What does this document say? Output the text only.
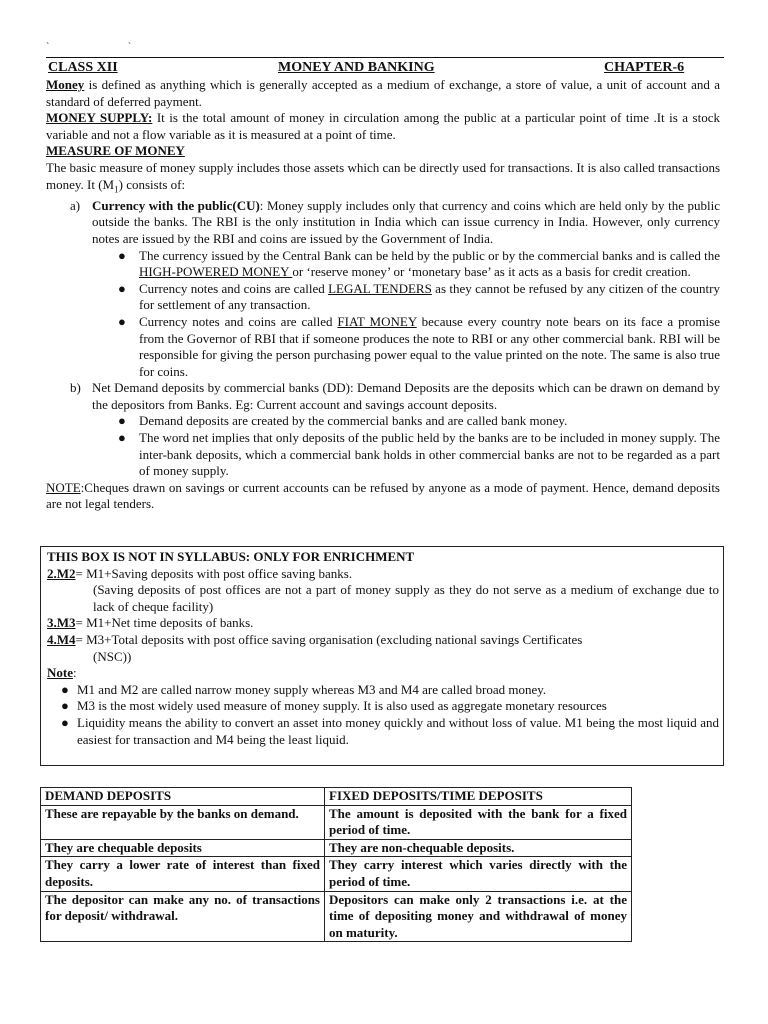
` `
CLASS XII	MONEY AND BANKING	CHAPTER-6

Money is defined as anything which is generally accepted as a medium of exchange, a store of value, a unit of account and a standard of deferred payment.

MONEY SUPPLY: It is the total amount of money in circulation among the public at a particular point of time .It is a stock variable and not a flow variable as it is measured at a point of time.

MEASURE OF MONEY

The basic measure of money supply includes those assets which can be directly used for transactions. It is also called transactions money. It $(M_1)$ consists of:

a) Currency with the public(CU): Money supply includes only that currency and coins which are held only by the public outside the banks. The RBI is the only institution in India which can issue currency in India. However, only currency notes are issued by the RBI and coins are issued by the Government of India.

● The currency issued by the Central Bank can be held by the public or by the commercial banks and is called the HIGH-POWERED MONEY or ‘reserve money’ or ‘monetary base’ as it acts as a basis for credit creation.
● Currency notes and coins are called LEGAL TENDERS as they cannot be refused by any citizen of the country for settlement of any transaction.
● Currency notes and coins are called FIAT MONEY because every country note bears on its face a promise from the Governor of RBI that if someone produces the note to RBI or any other commercial bank. RBI will be responsible for giving the person purchasing power equal to the value printed on the note. The same is also true for coins.

b) Net Demand deposits by commercial banks (DD): Demand Deposits are the deposits which can be drawn on demand by the depositors from Banks. Eg: Current account and savings account deposits.

● Demand deposits are created by the commercial banks and are called bank money.
● The word net implies that only deposits of the public held by the banks are to be included in money supply. The inter-bank deposits, which a commercial bank holds in other commercial banks are not to be regarded as a part of money supply.

NOTE:Cheques drawn on savings or current accounts can be refused by anyone as a mode of payment. Hence, demand deposits are not legal tenders.

THIS BOX IS NOT IN SYLLABUS: ONLY FOR ENRICHMENT

2.M2= M1+Saving deposits with post office saving banks.

(Saving deposits of post offices are not a part of money supply as they do not serve as a medium of exchange due to lack of cheque facility)

3.M3= M1+Net time deposits of banks.

4.M4= M3+Total deposits with post office saving organisation (excluding national savings Certificates

(NSC))

Note:

● M1 and M2 are called narrow money supply whereas M3 and M4 are called broad money.
● M3 is the most widely used measure of money supply. It is also used as aggregate monetary resources
● Liquidity means the ability to convert an asset into money quickly and without loss of value. M1 being the most liquid and easiest for transaction and M4 being the least liquid.
DEMAND DEPOSITS	FIXED DEPOSITS/TIME DEPOSITS
These are repayable by the banks on demand.	The amount is deposited with the bank for a fixed period of time.
They are chequable deposits	They are non-chequable deposits.
They carry a lower rate of interest than fixed deposits.	They carry interest which varies directly with the period of time.
The depositor can make any no. of transactions for deposit/ withdrawal.	Depositors can make only 2 transactions i.e. at the time of depositing money and withdrawal of money on maturity.
